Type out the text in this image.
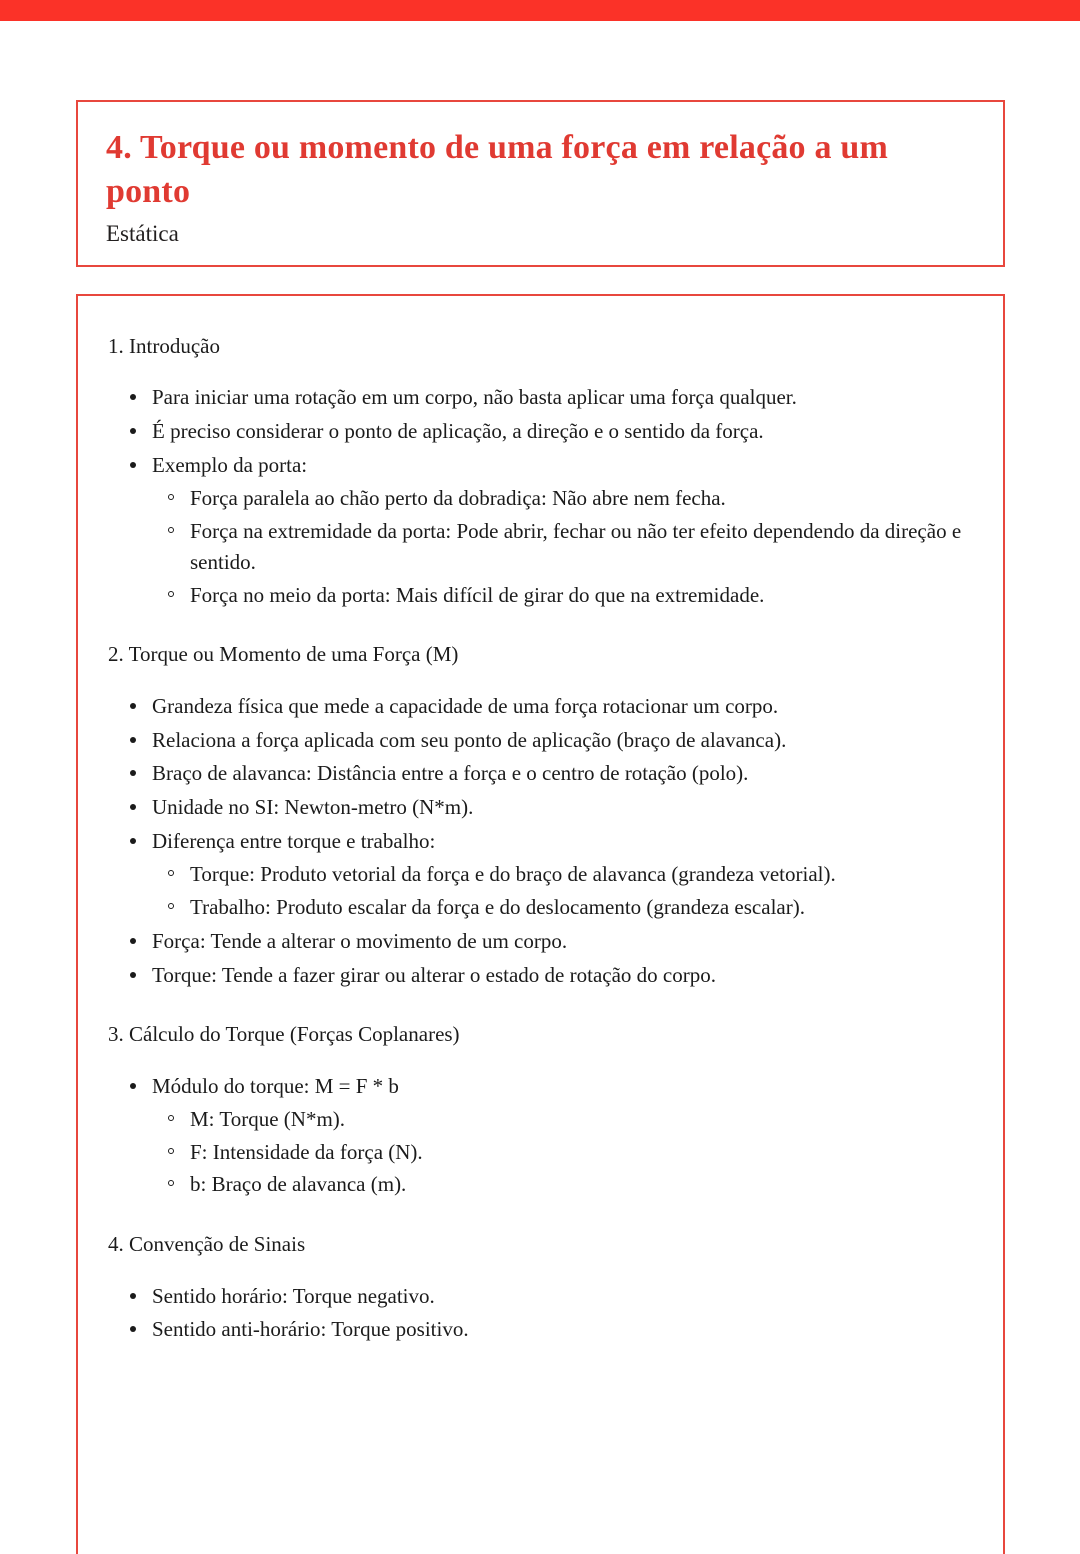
4. Torque ou momento de uma força em relação a um ponto

Estática

1. Introdução

Para iniciar uma rotação em um corpo, não basta aplicar uma força qualquer.
É preciso considerar o ponto de aplicação, a direção e o sentido da força.
Exemplo da porta:
Força paralela ao chão perto da dobradiça: Não abre nem fecha.
Força na extremidade da porta: Pode abrir, fechar ou não ter efeito dependendo da direção e sentido.
Força no meio da porta: Mais difícil de girar do que na extremidade.

2. Torque ou Momento de uma Força (M)

Grandeza física que mede a capacidade de uma força rotacionar um corpo.
Relaciona a força aplicada com seu ponto de aplicação (braço de alavanca).
Braço de alavanca: Distância entre a força e o centro de rotação (polo).
Unidade no SI: Newton-metro (N*m).
Diferença entre torque e trabalho:
Torque: Produto vetorial da força e do braço de alavanca (grandeza vetorial).
Trabalho: Produto escalar da força e do deslocamento (grandeza escalar).
Força: Tende a alterar o movimento de um corpo.
Torque: Tende a fazer girar ou alterar o estado de rotação do corpo.

3. Cálculo do Torque (Forças Coplanares)

Módulo do torque: M = F * b
M: Torque (N*m).
F: Intensidade da força (N).
b: Braço de alavanca (m).

4. Convenção de Sinais

Sentido horário: Torque negativo.
Sentido anti-horário: Torque positivo.
